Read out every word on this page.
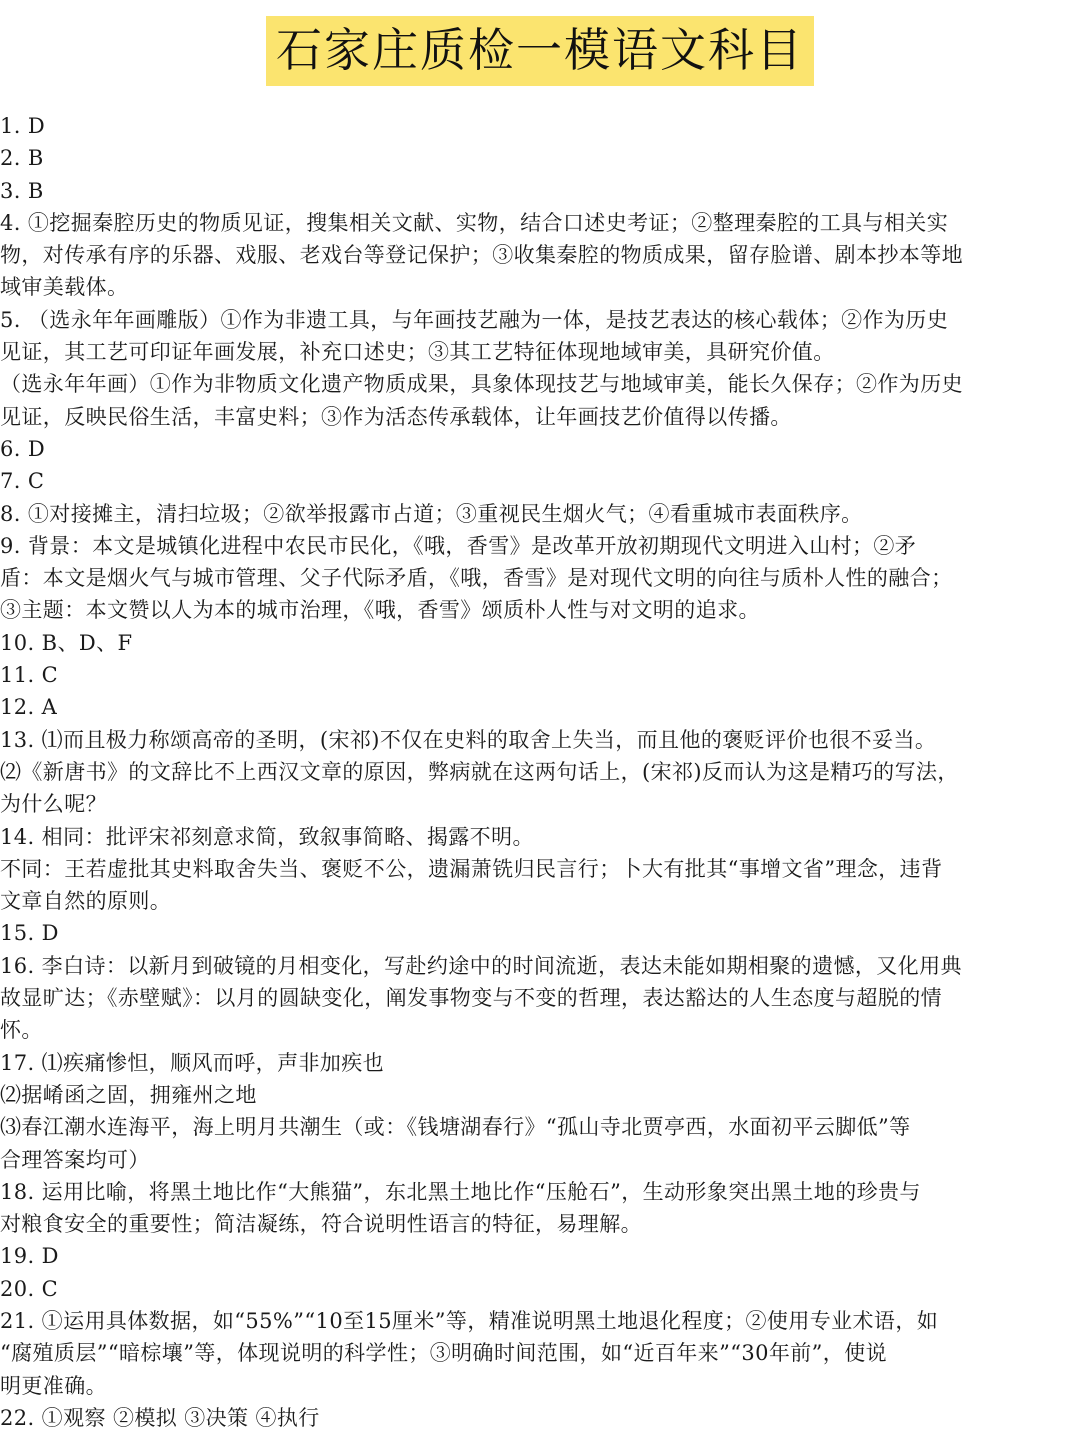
石家庄质检一模语文科目
1. D
2. B
3. B
4. ①挖掘秦腔历史的物质见证，搜集相关文献、实物，结合口述史考证；②整理秦腔的工具与相关实
物，对传承有序的乐器、戏服、老戏台等登记保护；③收集秦腔的物质成果，留存脸谱、剧本抄本等地
域审美载体。
5. （选永年年画雕版）①作为非遗工具，与年画技艺融为一体，是技艺表达的核心载体；②作为历史
见证，其工艺可印证年画发展，补充口述史；③其工艺特征体现地域审美，具研究价值。
（选永年年画）①作为非物质文化遗产物质成果，具象体现技艺与地域审美，能长久保存；②作为历史
见证，反映民俗生活，丰富史料；③作为活态传承载体，让年画技艺价值得以传播。
6. D
7. C
8. ①对接摊主，清扫垃圾；②欲举报露市占道；③重视民生烟火气；④看重城市表面秩序。
9. 背景：本文是城镇化进程中农民市民化，《哦，香雪》是改革开放初期现代文明进入山村；②矛
盾：本文是烟火气与城市管理、父子代际矛盾，《哦，香雪》是对现代文明的向往与质朴人性的融合；
③主题：本文赞以人为本的城市治理，《哦，香雪》颂质朴人性与对文明的追求。
10. B、D、F
11. C
12. A
13. ⑴而且极力称颂高帝的圣明，(宋祁)不仅在史料的取舍上失当，而且他的褒贬评价也很不妥当。
⑵《新唐书》的文辞比不上西汉文章的原因，弊病就在这两句话上，(宋祁)反而认为这是精巧的写法，
为什么呢？
14. 相同：批评宋祁刻意求简，致叙事简略、揭露不明。
不同：王若虚批其史料取舍失当、褒贬不公，遗漏萧铣归民言行；卜大有批其“事增文省”理念，违背
文章自然的原则。
15. D
16. 李白诗：以新月到破镜的月相变化，写赴约途中的时间流逝，表达未能如期相聚的遗憾，又化用典
故显旷达；《赤壁赋》：以月的圆缺变化，阐发事物变与不变的哲理，表达豁达的人生态度与超脱的情
怀。
17. ⑴疾痛惨怛，顺风而呼，声非加疾也
⑵据崤函之固，拥雍州之地
⑶春江潮水连海平，海上明月共潮生（或：《钱塘湖春行》“孤山寺北贾亭西，水面初平云脚低”等
合理答案均可）
18. 运用比喻，将黑土地比作“大熊猫”，东北黑土地比作“压舱石”，生动形象突出黑土地的珍贵与
对粮食安全的重要性；简洁凝练，符合说明性语言的特征，易理解。
19. D
20. C
21. ①运用具体数据，如“55%”“10至15厘米”等，精准说明黑土地退化程度；②使用专业术语，如
“腐殖质层”“暗棕壤”等，体现说明的科学性；③明确时间范围，如“近百年来”“30年前”，使说
明更准确。
22. ①观察 ②模拟 ③决策 ④执行
